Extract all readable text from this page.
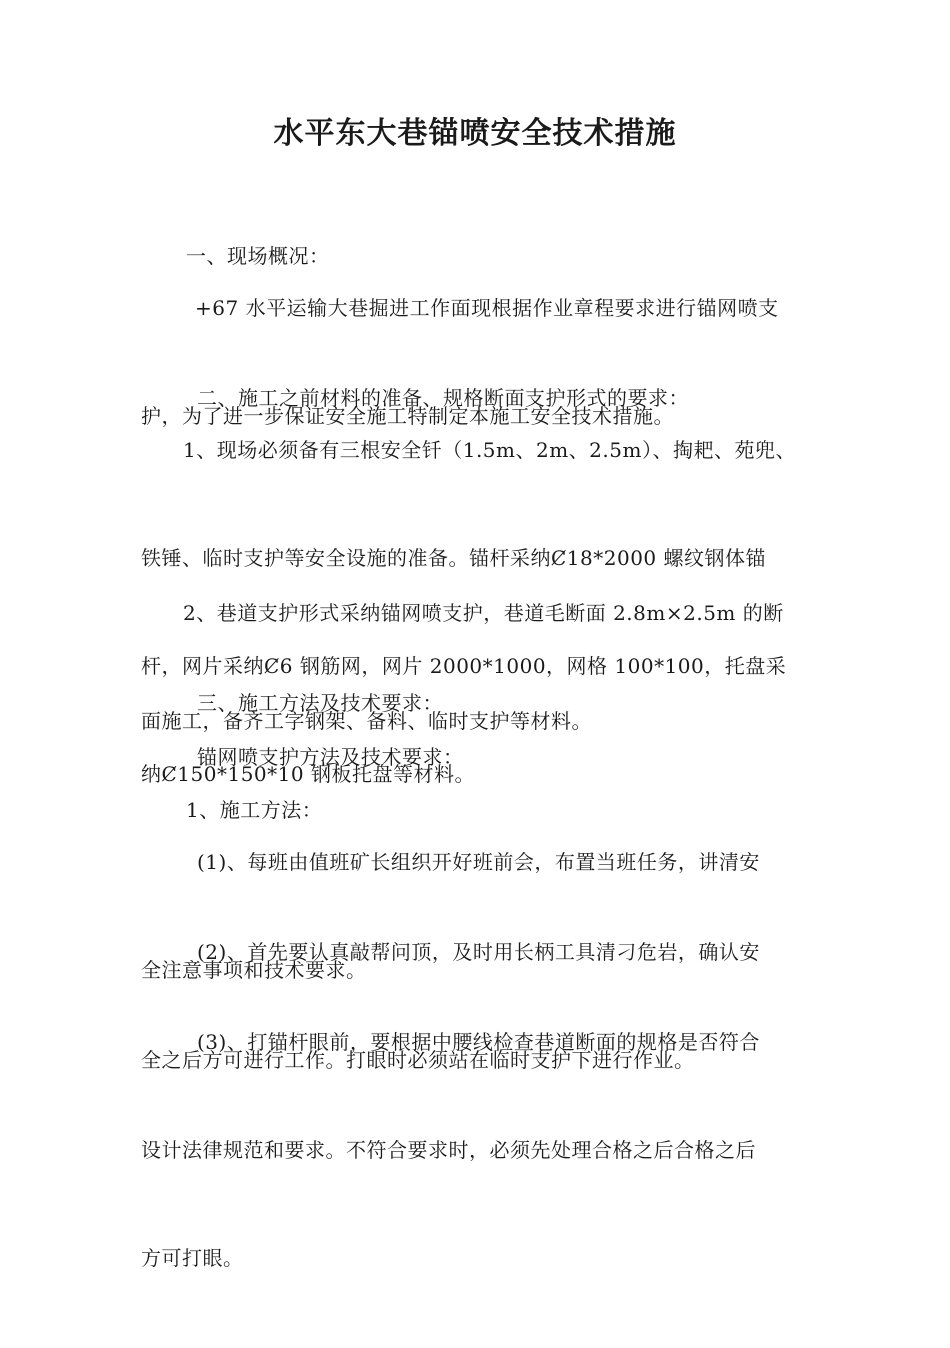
水平东大巷锚喷安全技术措施

一、现场概况：

+67 水平运输大巷掘进工作面现根据作业章程要求进行锚网喷支

护，为了进一步保证安全施工特制定本施工安全技术措施。

二、施工之前材料的准备、规格断面支护形式的要求：

1、现场必须备有三根安全钎（1.5m、2m、2.5m）、掏耙、苑兜、

铁锤、临时支护等安全设施的准备。锚杆采纳Ȼ18*2000 螺纹钢体锚

杆，网片采纳Ȼ6 钢筋网，网片 2000*1000，网格 100*100，托盘采

纳Ȼ150*150*10 钢板托盘等材料。

2、巷道支护形式采纳锚网喷支护，巷道毛断面 2.8m×2.5m 的断

面施工，备齐工字钢架、备料、临时支护等材料。

三、施工方法及技术要求：

锚网喷支护方法及技术要求：

1、施工方法：

(1)、每班由值班矿长组织开好班前会，布置当班任务，讲清安

全注意事项和技术要求。

(2)、首先要认真敲帮问顶，及时用长柄工具清刁危岩，确认安

全之后方可进行工作。打眼时必须站在临时支护下进行作业。

(3)、打锚杆眼前，要根据中腰线检查巷道断面的规格是否符合

设计法律规范和要求。不符合要求时，必须先处理合格之后合格之后

方可打眼。
